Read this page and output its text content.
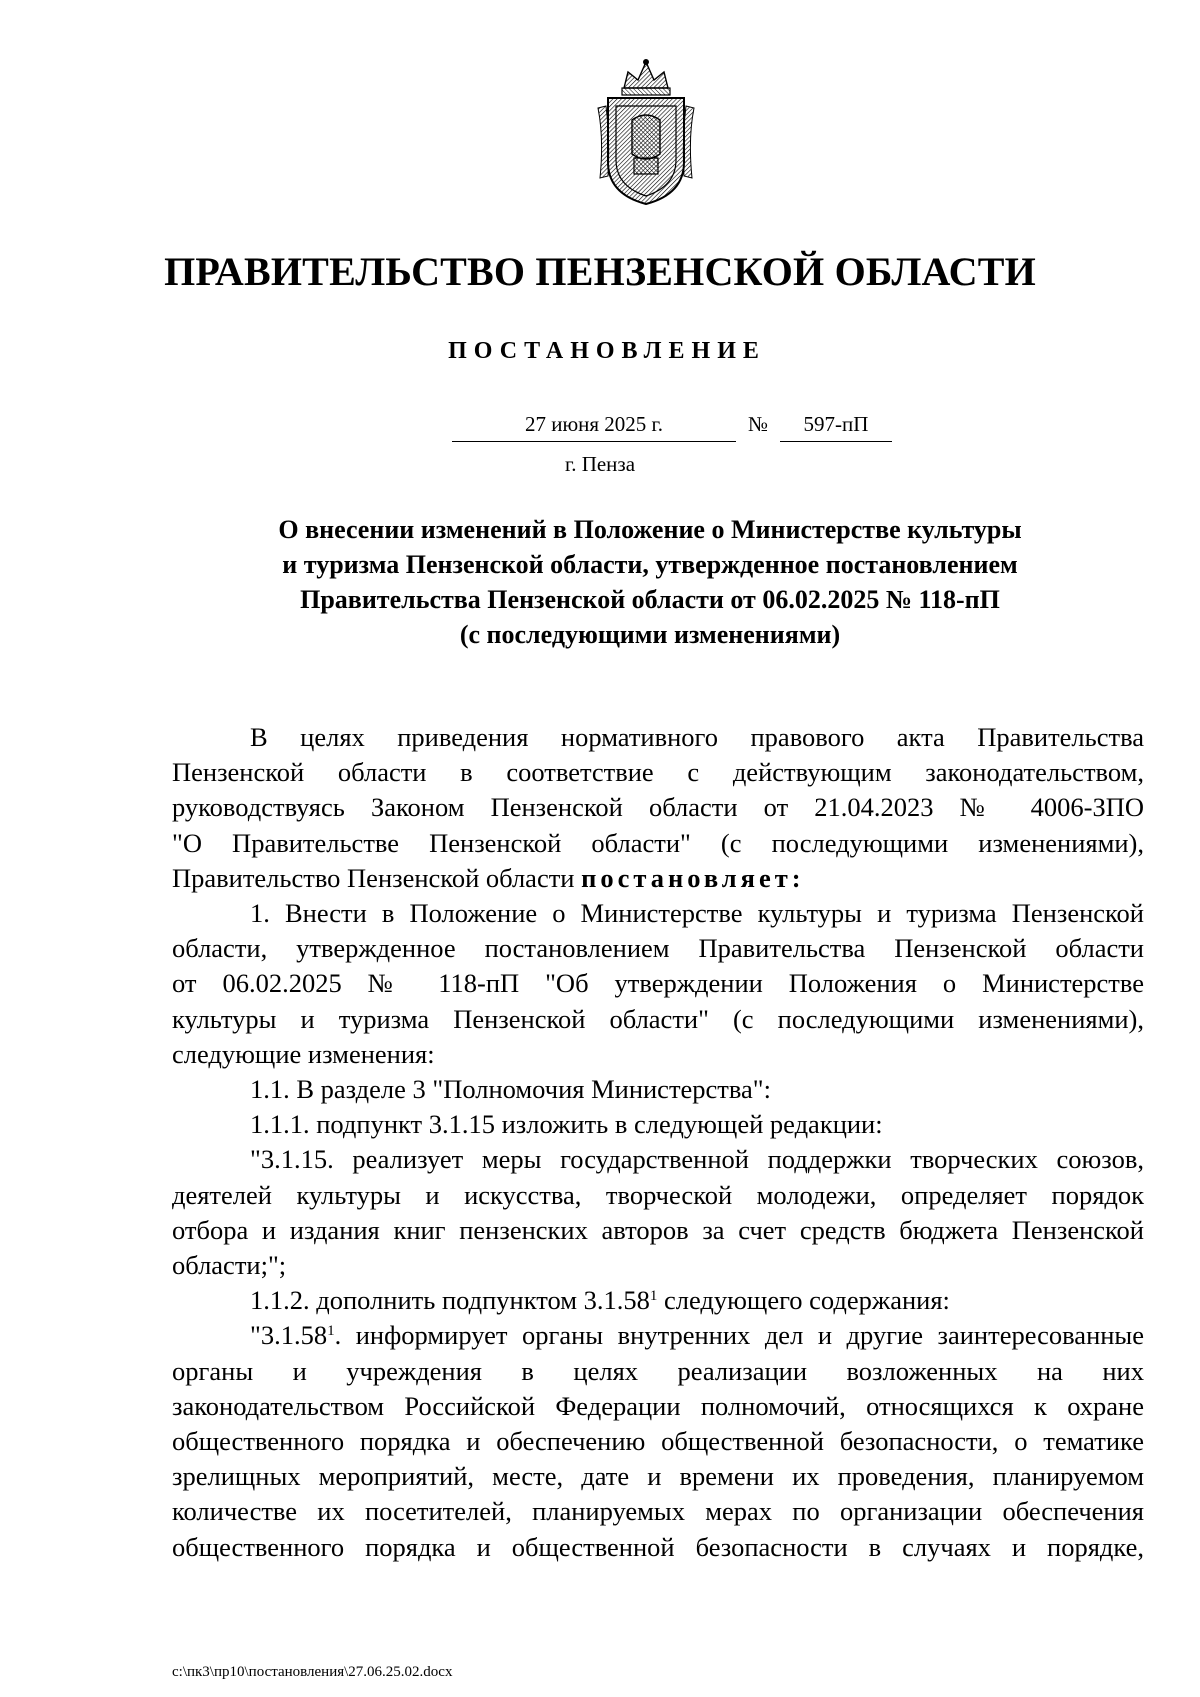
ПРАВИТЕЛЬСТВО ПЕНЗЕНСКОЙ ОБЛАСТИ
ПОСТАНОВЛЕНИЕ
27 июня 2025 г.	№	597-пП
г. Пенза
О внесении изменений в Положение о Министерстве культуры
и туризма Пензенской области, утвержденное постановлением
Правительства Пензенской области от 06.02.2025 № 118-пП
(с последующими изменениями)
В целях приведения нормативного правового акта Правительства
Пензенской области в соответствие с действующим законодательством,
руководствуясь Законом Пензенской области от 21.04.2023 № 4006-ЗПО
"О Правительстве Пензенской области" (с последующими изменениями),
Правительство Пензенской области постановляет:
1. Внести в Положение о Министерстве культуры и туризма Пензенской
области, утвержденное постановлением Правительства Пензенской области
от 06.02.2025 № 118-пП "Об утверждении Положения о Министерстве
культуры и туризма Пензенской области" (с последующими изменениями),
следующие изменения:
1.1. В разделе 3 "Полномочия Министерства":
1.1.1. подпункт 3.1.15 изложить в следующей редакции:
"3.1.15. реализует меры государственной поддержки творческих союзов,
деятелей культуры и искусства, творческой молодежи, определяет порядок
отбора и издания книг пензенских авторов за счет средств бюджета Пензенской
области;";
1.1.2. дополнить подпунктом 3.1.58$^1$ следующего содержания:
"3.1.58$^1$. информирует органы внутренних дел и другие заинтересованные
органы и учреждения в целях реализации возложенных на них
законодательством Российской Федерации полномочий, относящихся к охране
общественного порядка и обеспечению общественной безопасности, о тематике
зрелищных мероприятий, месте, дате и времени их проведения, планируемом
количестве их посетителей, планируемых мерах по организации обеспечения
общественного порядка и общественной безопасности в случаях и порядке,
c:\пк3\пр10\постановления\27.06.25.02.docx
